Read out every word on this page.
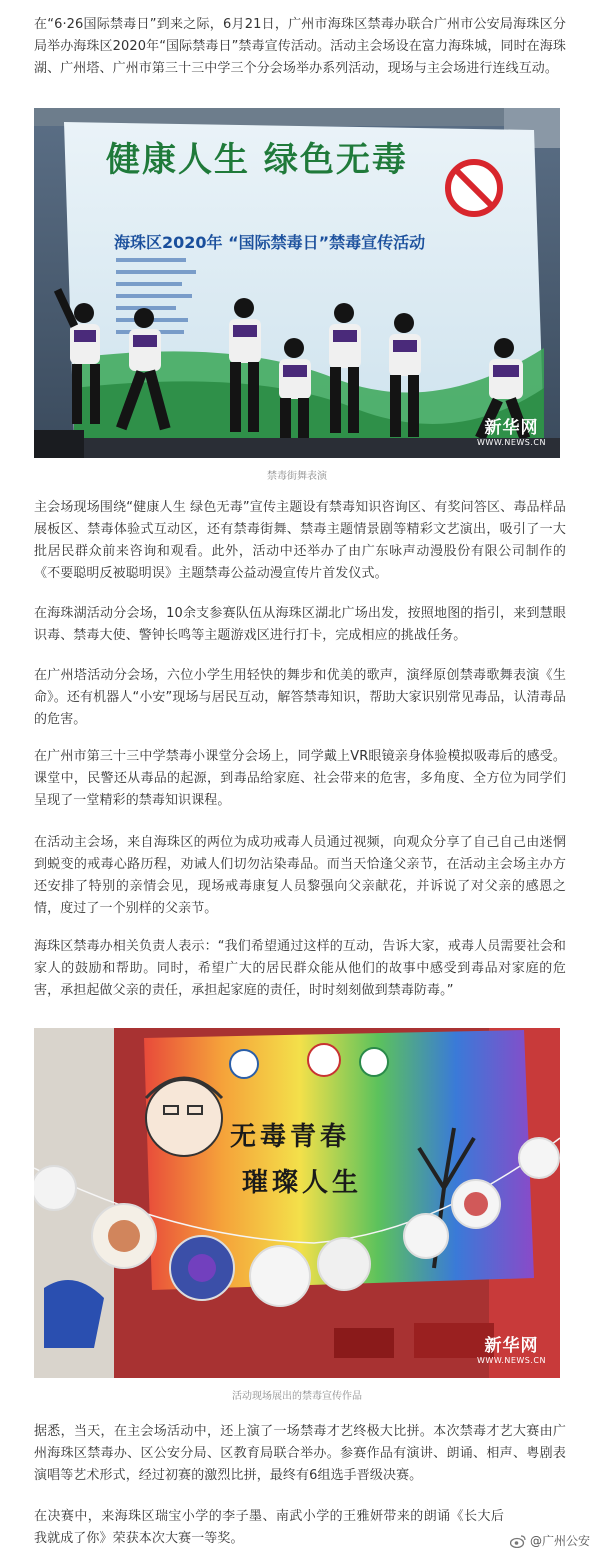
在“6·26国际禁毒日”到来之际，6月21日，广州市海珠区禁毒办联合广州市公安局海珠区分局举办海珠区2020年“国际禁毒日”禁毒宣传活动。活动主会场设在富力海珠城，同时在海珠湖、广州塔、广州市第三十三中学三个分会场举办系列活动，现场与主会场进行连线互动。

健康人生 绿色无毒
海珠区2020年 “国际禁毒日”禁毒宣传活动
新华网
WWW.NEWS.CN
禁毒街舞表演

主会场现场围绕“健康人生 绿色无毒”宣传主题设有禁毒知识咨询区、有奖问答区、毒品样品展板区、禁毒体验式互动区，还有禁毒街舞、禁毒主题情景剧等精彩文艺演出，吸引了一大批居民群众前来咨询和观看。此外，活动中还举办了由广东咏声动漫股份有限公司制作的《不要聪明反被聪明误》主题禁毒公益动漫宣传片首发仪式。

在海珠湖活动分会场，10余支参赛队伍从海珠区湖北广场出发，按照地图的指引，来到慧眼识毒、禁毒大使、警钟长鸣等主题游戏区进行打卡，完成相应的挑战任务。

在广州塔活动分会场，六位小学生用轻快的舞步和优美的歌声，演绎原创禁毒歌舞表演《生命》。还有机器人“小安”现场与居民互动，解答禁毒知识，帮助大家识别常见毒品，认清毒品的危害。

在广州市第三十三中学禁毒小课堂分会场上，同学戴上VR眼镜亲身体验模拟吸毒后的感受。课堂中，民警还从毒品的起源，到毒品给家庭、社会带来的危害，多角度、全方位为同学们呈现了一堂精彩的禁毒知识课程。

在活动主会场，来自海珠区的两位为成功戒毒人员通过视频，向观众分享了自己自己由迷惘到蜕变的戒毒心路历程，劝诫人们切勿沾染毒品。而当天恰逢父亲节，在活动主会场主办方还安排了特别的亲情会见，现场戒毒康复人员黎强向父亲献花，并诉说了对父亲的感恩之情，度过了一个别样的父亲节。

海珠区禁毒办相关负责人表示：“我们希望通过这样的互动，告诉大家，戒毒人员需要社会和家人的鼓励和帮助。同时，希望广大的居民群众能从他们的故事中感受到毒品对家庭的危害，承担起做父亲的责任，承担起家庭的责任，时时刻刻做到禁毒防毒。”

无毒青春
璀璨人生
新华网
WWW.NEWS.CN
活动现场展出的禁毒宣传作品

据悉，当天，在主会场活动中，还上演了一场禁毒才艺终极大比拼。本次禁毒才艺大赛由广州海珠区禁毒办、区公安分局、区教育局联合举办。参赛作品有演讲、朗诵、相声、粤剧表演唱等艺术形式，经过初赛的激烈比拼，最终有6组选手晋级决赛。

在决赛中，来海珠区瑞宝小学的李子墨、南武小学的王雅妍带来的朗诵《长大后我就成了你》荣获本次大赛一等奖。	@广州公安
